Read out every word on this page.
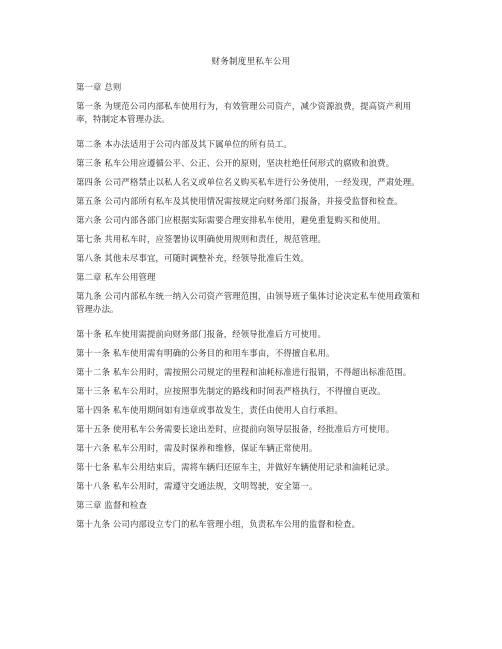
财务制度里私车公用
第一章 总则
第一条 为规范公司内部私车使用行为，有效管理公司资产，减少资源浪费，提高资产利用率，特制定本管理办法。
第二条 本办法适用于公司内部及其下属单位的所有员工。
第三条 私车公用应遵循公平、公正、公开的原则，坚决杜绝任何形式的腐败和浪费。
第四条 公司严格禁止以私人名义或单位名义购买私车进行公务使用，一经发现，严肃处理。
第五条 公司内部所有私车及其使用情况需按规定向财务部门报备，并接受监督和检查。
第六条 公司内部各部门应根据实际需要合理安排私车使用，避免重复购买和使用。
第七条 共用私车时，应签署协议明确使用规则和责任，规范管理。
第八条 其他未尽事宜，可随时调整补充，经领导批准后生效。
第二章 私车公用管理
第九条 公司内部私车统一纳入公司资产管理范围，由领导班子集体讨论决定私车使用政策和管理办法。
第十条 私车使用需提前向财务部门报备，经领导批准后方可使用。
第十一条 私车使用需有明确的公务目的和用车事由，不得擅自私用。
第十二条 私车公用时，需按照公司规定的里程和油耗标准进行报销，不得超出标准范围。
第十三条 私车公用时，应按照事先制定的路线和时间表严格执行，不得擅自更改。
第十四条 私车使用期间如有违章或事故发生，责任由使用人自行承担。
第十五条 使用私车公务需要长途出差时，应提前向领导层报备，经批准后方可使用。
第十六条 私车公用时，需及时保养和维修，保证车辆正常使用。
第十七条 私车公用结束后，需将车辆归还原车主，并做好车辆使用记录和油耗记录。
第十八条 私车公用时，需遵守交通法规，文明驾驶，安全第一。
第三章 监督和检查
第十九条 公司内部设立专门的私车管理小组，负责私车公用的监督和检查。
